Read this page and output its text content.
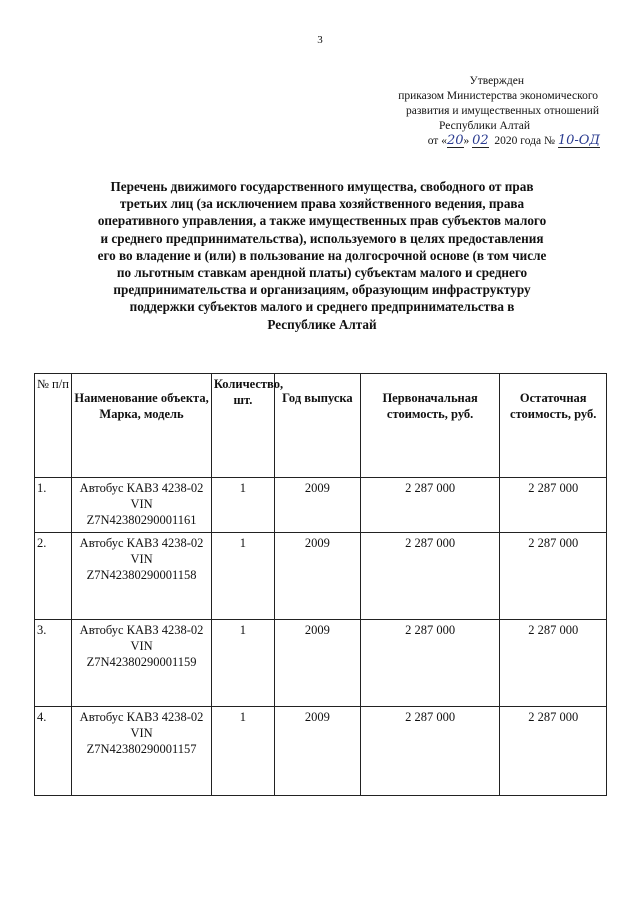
3
Утвержден
приказом Министерства экономического
развития и имущественных отношений
Республики Алтай
от «20» 02 2020 года № 10-ОД
Перечень движимого государственного имущества, свободного от прав третьих лиц (за исключением права хозяйственного ведения, права оперативного управления, а также имущественных прав субъектов малого и среднего предпринимательства), используемого в целях предоставления его во владение и (или) в пользование на долгосрочной основе (в том числе по льготным ставкам арендной платы) субъектам малого и среднего предпринимательства и организациям, образующим инфраструктуру поддержки субъектов малого и среднего предпринимательства в Республике Алтай
№ п/п	Наименование объекта, Марка, модель	Количество, шт.	Год выпуска	Первоначальная стоимость, руб.	Остаточная стоимость, руб.
1.	Автобус КАВЗ 4238-02 VIN Z7N42380290001161	1	2009	2 287 000	2 287 000
2.	Автобус КАВЗ 4238-02 VIN Z7N42380290001158	1	2009	2 287 000	2 287 000
3.	Автобус КАВЗ 4238-02 VIN Z7N42380290001159	1	2009	2 287 000	2 287 000
4.	Автобус КАВЗ 4238-02 VIN Z7N42380290001157	1	2009	2 287 000	2 287 000
